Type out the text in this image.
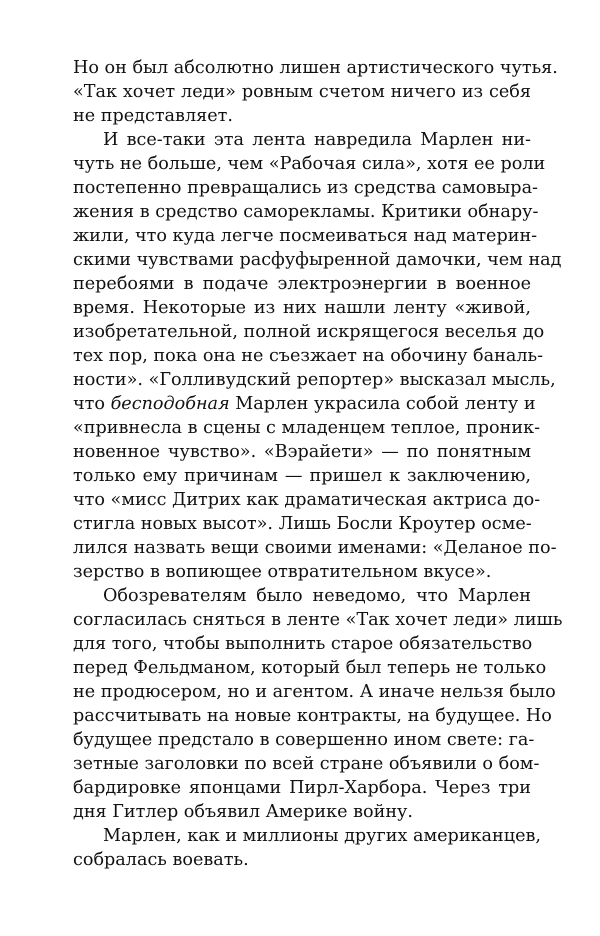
Но он был абсолютно лишен артистического чутья.
«Так хочет леди» ровным счетом ничего из себя
не представляет.
И все-таки эта лента навредила Марлен ни-
чуть не больше, чем «Рабочая сила», хотя ее роли
постепенно превращались из средства самовыра-
жения в средство саморекламы. Критики обнару-
жили, что куда легче посмеиваться над материн-
скими чувствами расфуфыренной дамочки, чем над
перебоями в подаче электроэнергии в военное
время. Некоторые из них нашли ленту «живой,
изобретательной, полной искрящегося веселья до
тех пор, пока она не съезжает на обочину баналь-
ности». «Голливудский репортер» высказал мысль,
что бесподобная Марлен украсила собой ленту и
«привнесла в сцены с младенцем теплое, проник-
новенное чувство». «Вэрайети» — по понятным
только ему причинам — пришел к заключению,
что «мисс Дитрих как драматическая актриса до-
стигла новых высот». Лишь Босли Кроутер осме-
лился назвать вещи своими именами: «Деланое по-
зерство в вопиющее отвратительном вкусе».
Обозревателям было неведомо, что Марлен
согласилась сняться в ленте «Так хочет леди» лишь
для того, чтобы выполнить старое обязательство
перед Фельдманом, который был теперь не только
не продюсером, но и агентом. А иначе нельзя было
рассчитывать на новые контракты, на будущее. Но
будущее предстало в совершенно ином свете: га-
зетные заголовки по всей стране объявили о бом-
бардировке японцами Пирл-Харбора. Через три
дня Гитлер объявил Америке войну.
Марлен, как и миллионы других американцев,
собралась воевать.
